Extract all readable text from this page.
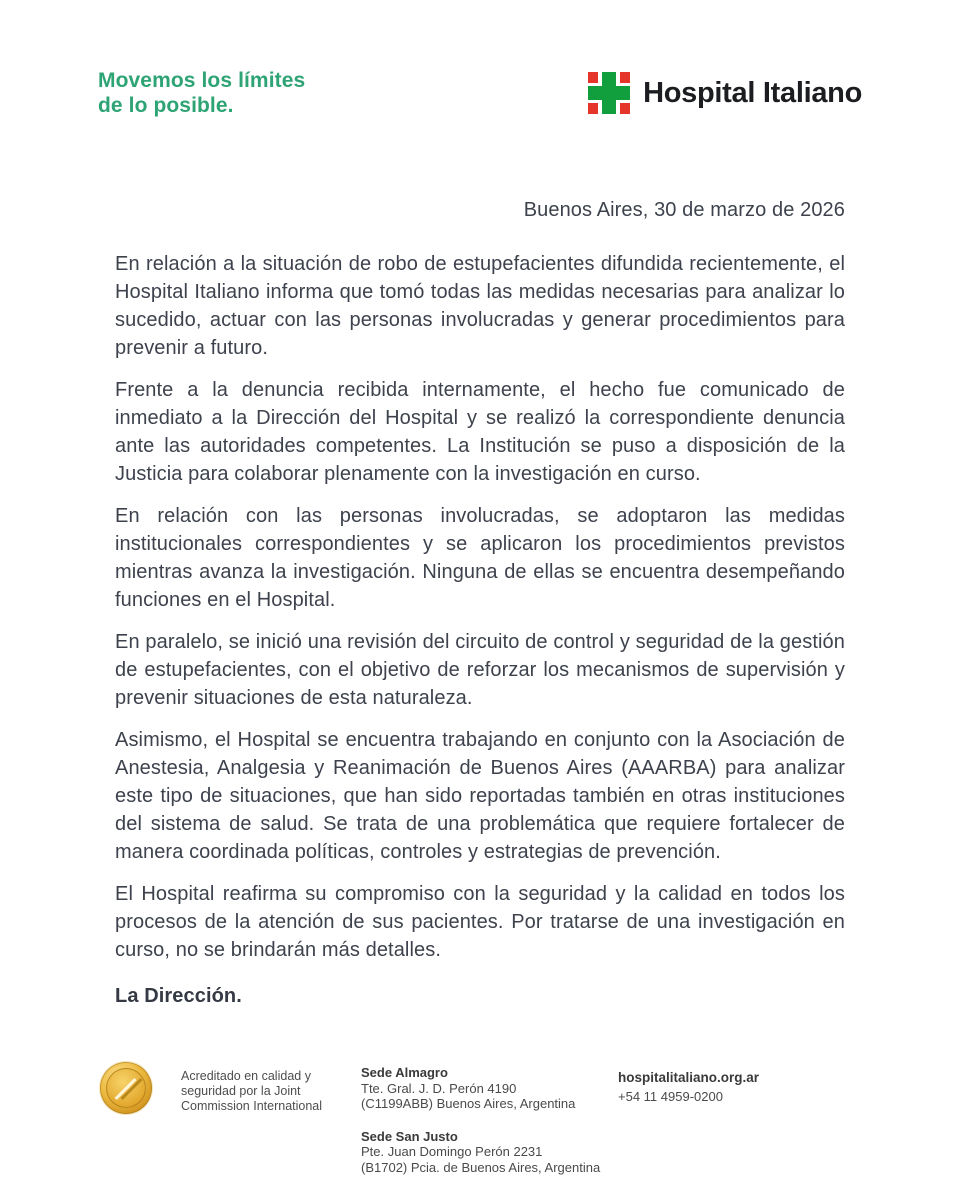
Movemos los límites
de lo posible.	Hospital Italiano
Buenos Aires, 30 de marzo de 2026

En relación a la situación de robo de estupefacientes difundida recientemente, el Hospital Italiano informa que tomó todas las medidas necesarias para analizar lo sucedido, actuar con las personas involucradas y generar procedimientos para prevenir a futuro.

Frente a la denuncia recibida internamente, el hecho fue comunicado de inmediato a la Dirección del Hospital y se realizó la correspondiente denuncia ante las autoridades competentes. La Institución se puso a disposición de la Justicia para colaborar plenamente con la investigación en curso.

En relación con las personas involucradas, se adoptaron las medidas institucionales correspondientes y se aplicaron los procedimientos previstos mientras avanza la investigación. Ninguna de ellas se encuentra desempeñando funciones en el Hospital.

En paralelo, se inició una revisión del circuito de control y seguridad de la gestión de estupefacientes, con el objetivo de reforzar los mecanismos de supervisión y prevenir situaciones de esta naturaleza.

Asimismo, el Hospital se encuentra trabajando en conjunto con la Asociación de Anestesia, Analgesia y Reanimación de Buenos Aires (AAARBA) para analizar este tipo de situaciones, que han sido reportadas también en otras instituciones del sistema de salud. Se trata de una problemática que requiere fortalecer de manera coordinada políticas, controles y estrategias de prevención.

El Hospital reafirma su compromiso con la seguridad y la calidad en todos los procesos de la atención de sus pacientes. Por tratarse de una investigación en curso, no se brindarán más detalles.

La Dirección.
Acreditado en calidad y seguridad por la Joint Commission International
Sede Almagro
Tte. Gral. J. D. Perón 4190
(C1199ABB) Buenos Aires, Argentina
Sede San Justo
Pte. Juan Domingo Perón 2231
(B1702) Pcia. de Buenos Aires, Argentina
hospitalitaliano.org.ar
+54 11 4959-0200
